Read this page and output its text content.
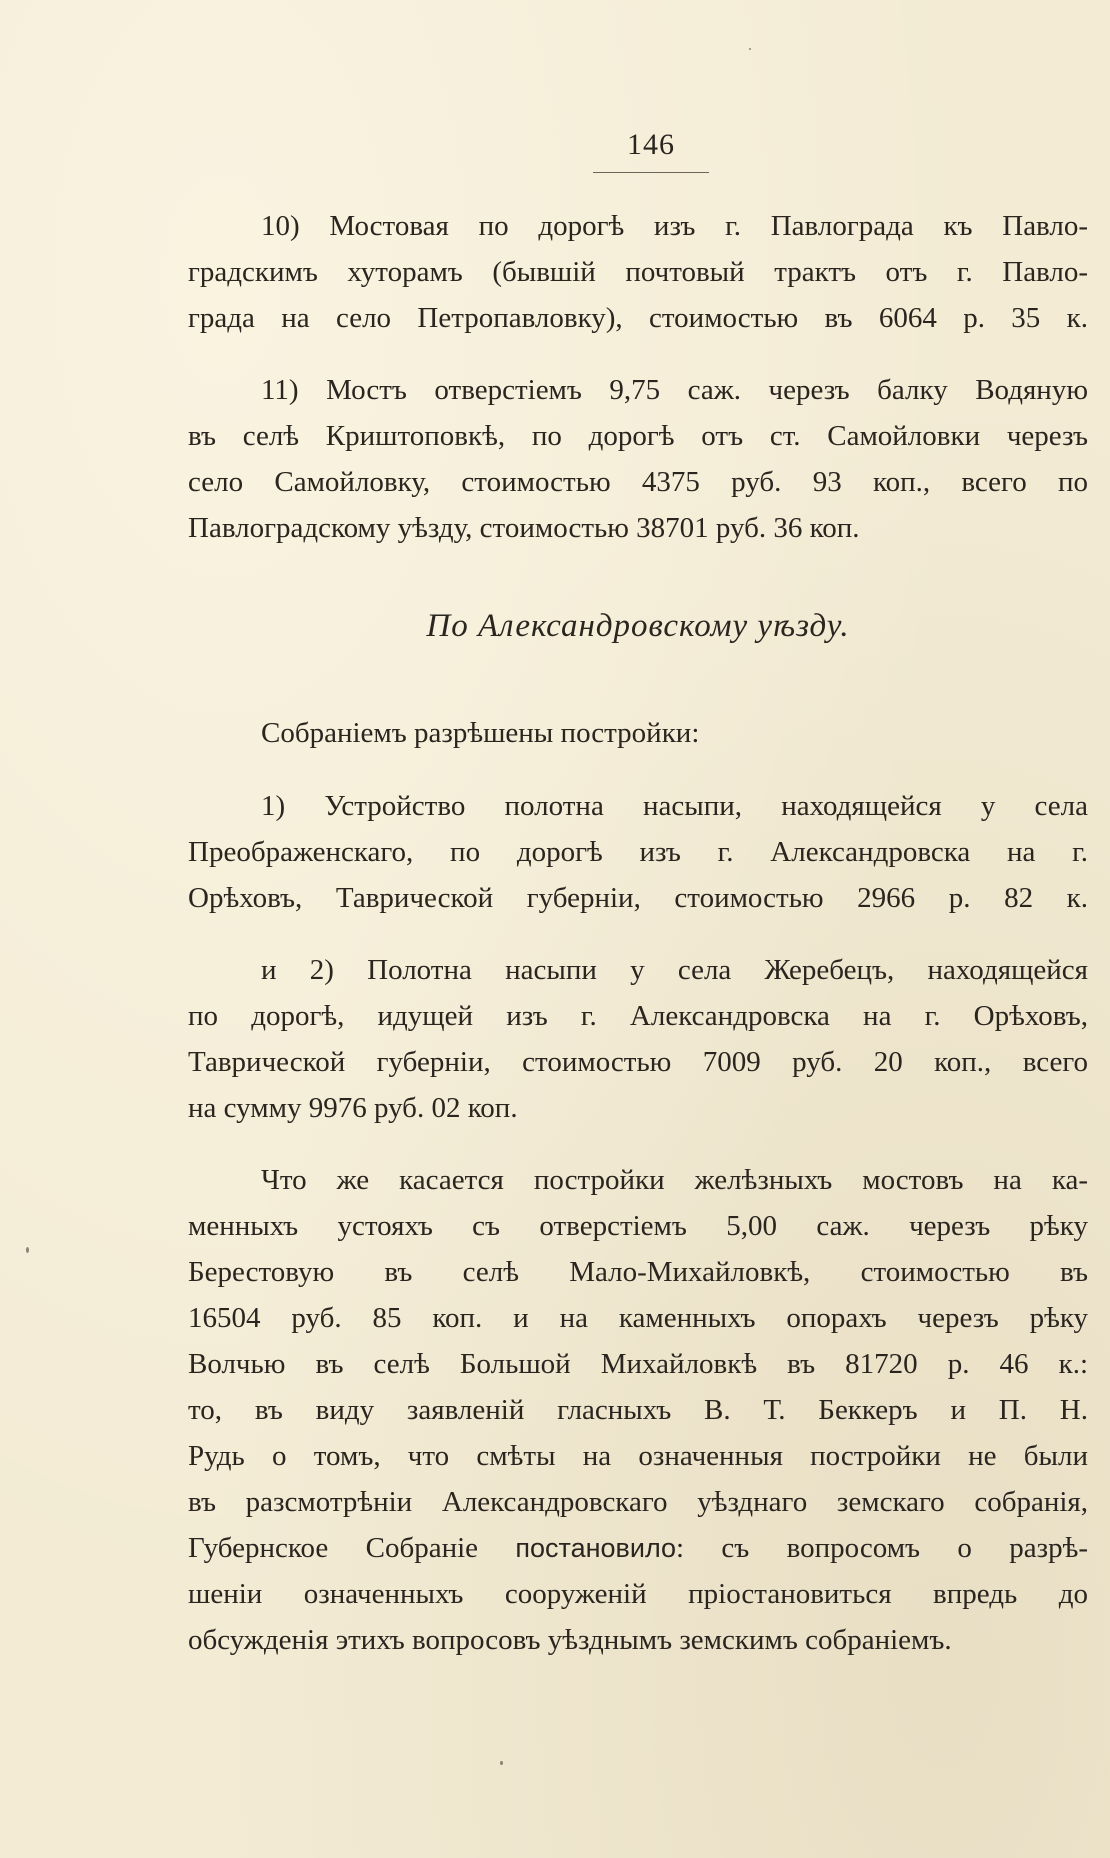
146
10) Мостовая по дорогѣ изъ г. Павлограда къ Павло-
градскимъ хуторамъ (бывшій почтовый трактъ отъ г. Павло-
града на село Петропавловку), стоимостью въ 6064 р. 35 к.
11) Мостъ отверстіемъ 9,75 саж. черезъ балку Водяную
въ селѣ Криштоповкѣ, по дорогѣ отъ ст. Самойловки черезъ
село Самойловку, стоимостью 4375 руб. 93 коп., всего по
Павлоградскому уѣзду, стоимостью 38701 руб. 36 коп.
По Александровскому уѣзду.
Собраніемъ разрѣшены постройки:
1) Устройство полотна насыпи, находящейся у села
Преображенскаго, по дорогѣ изъ г. Александровска на г.
Орѣховъ, Таврической губерніи, стоимостью 2966 р. 82 к.
и 2) Полотна насыпи у села Жеребецъ, находящейся
по дорогѣ, идущей изъ г. Александровска на г. Орѣховъ,
Таврической губерніи, стоимостью 7009 руб. 20 коп., всего
на сумму 9976 руб. 02 коп.
Что же касается постройки желѣзныхъ мостовъ на ка-
менныхъ устояхъ съ отверстіемъ 5,00 саж. черезъ рѣку
Берестовую въ селѣ Мало-Михайловкѣ, стоимостью въ
16504 руб. 85 коп. и на каменныхъ опорахъ черезъ рѣку
Волчью въ селѣ Большой Михайловкѣ въ 81720 р. 46 к.:
то, въ виду заявленій гласныхъ В. Т. Беккеръ и П. Н.
Рудь о томъ, что смѣты на означенныя постройки не были
въ разсмотрѣніи Александровскаго уѣзднаго земскаго собранія,
Губернское Собраніе постановило: съ вопросомъ о разрѣ-
шеніи означенныхъ сооруженій пріостановиться впредь до
обсужденія этихъ вопросовъ уѣзднымъ земскимъ собраніемъ.
